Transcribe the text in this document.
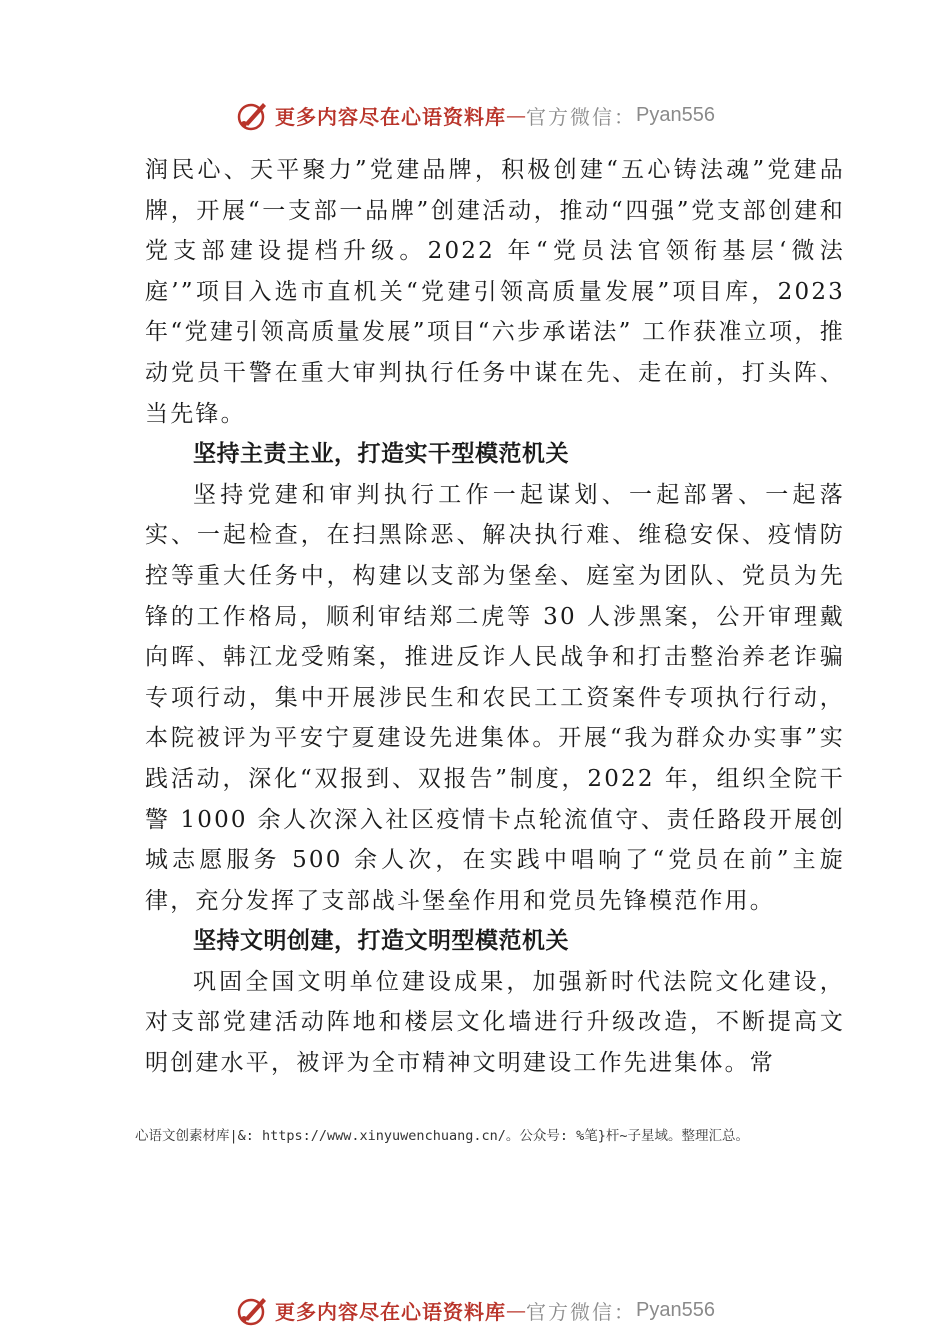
更多内容尽在心语资料库 — 官方微信： Pyan556

润民心、天平聚力”党建品牌，积极创建“五心铸法魂”党建品牌，开展“一支部一品牌”创建活动，推动“四强”党支部创建和党支部建设提档升级。2022 年“党员法官领衔基层‘微法庭’”项目入选市直机关“党建引领高质量发展”项目库，2023 年“党建引领高质量发展”项目“六步承诺法” 工作获准立项，推动党员干警在重大审判执行任务中谋在先、走在前，打头阵、当先锋。

坚持主责主业，打造实干型模范机关

坚持党建和审判执行工作一起谋划、一起部署、一起落实、一起检查，在扫黑除恶、解决执行难、维稳安保、疫情防控等重大任务中，构建以支部为堡垒、庭室为团队、党员为先锋的工作格局，顺利审结郑二虎等 30 人涉黑案，公开审理戴向晖、韩江龙受贿案，推进反诈人民战争和打击整治养老诈骗专项行动，集中开展涉民生和农民工工资案件专项执行行动，本院被评为平安宁夏建设先进集体。开展“我为群众办实事”实践活动，深化“双报到、双报告”制度，2022 年，组织全院干警 1000 余人次深入社区疫情卡点轮流值守、责任路段开展创城志愿服务 500 余人次，在实践中唱响了“党员在前”主旋律，充分发挥了支部战斗堡垒作用和党员先锋模范作用。

坚持文明创建，打造文明型模范机关

巩固全国文明单位建设成果，加强新时代法院文化建设，对支部党建活动阵地和楼层文化墙进行升级改造，不断提高文明创建水平，被评为全市精神文明建设工作先进集体。常

心语文创素材库|&: https://www.xinyuwenchuang.cn/。公众号: %笔}杆~子星域。整理汇总。
更多内容尽在心语资料库 — 官方微信： Pyan556
